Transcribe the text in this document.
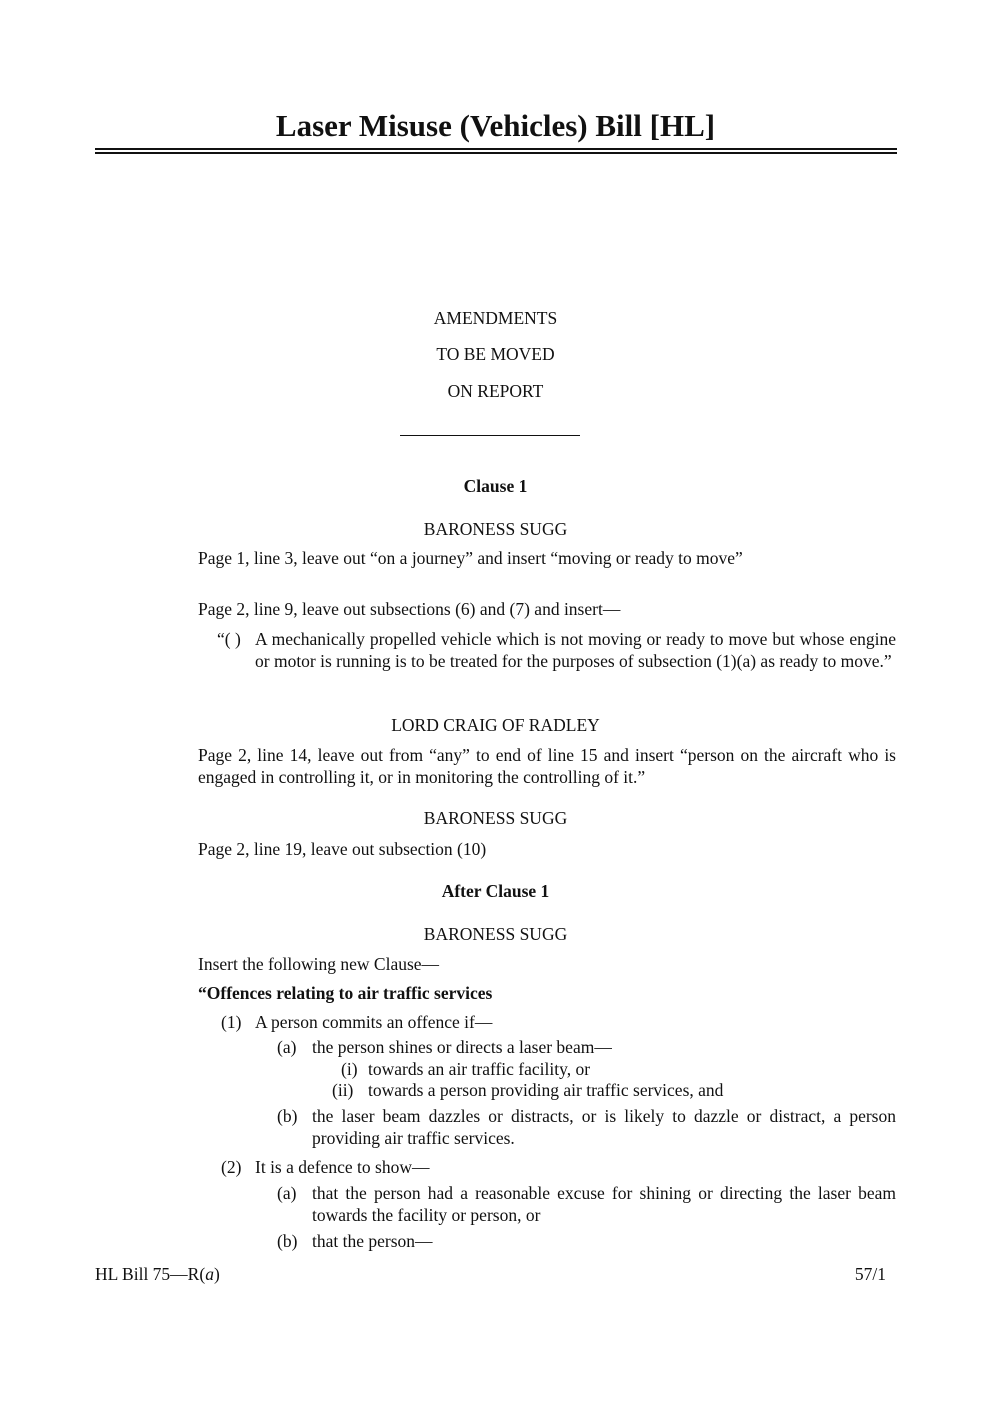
Laser Misuse (Vehicles) Bill [HL]
AMENDMENTS
TO BE MOVED
ON REPORT
Clause 1
BARONESS SUGG
Page 1, line 3, leave out “on a journey” and insert “moving or ready to move”
Page 2, line 9, leave out subsections (6) and (7) and insert—
“( ) A mechanically propelled vehicle which is not moving or ready to move but whose engine or motor is running is to be treated for the purposes of subsection (1)(a) as ready to move.”
LORD CRAIG OF RADLEY
Page 2, line 14, leave out from “any” to end of line 15 and insert “person on the aircraft who is engaged in controlling it, or in monitoring the controlling of it.”
BARONESS SUGG
Page 2, line 19, leave out subsection (10)
After Clause 1
BARONESS SUGG
Insert the following new Clause—
“Offences relating to air traffic services
(1) A person commits an offence if—
(a) the person shines or directs a laser beam—
(i) towards an air traffic facility, or
(ii) towards a person providing air traffic services, and
(b) the laser beam dazzles or distracts, or is likely to dazzle or distract, a person providing air traffic services.
(2) It is a defence to show—
(a) that the person had a reasonable excuse for shining or directing the laser beam towards the facility or person, or
(b) that the person—
HL Bill 75—R(a)	57/1
